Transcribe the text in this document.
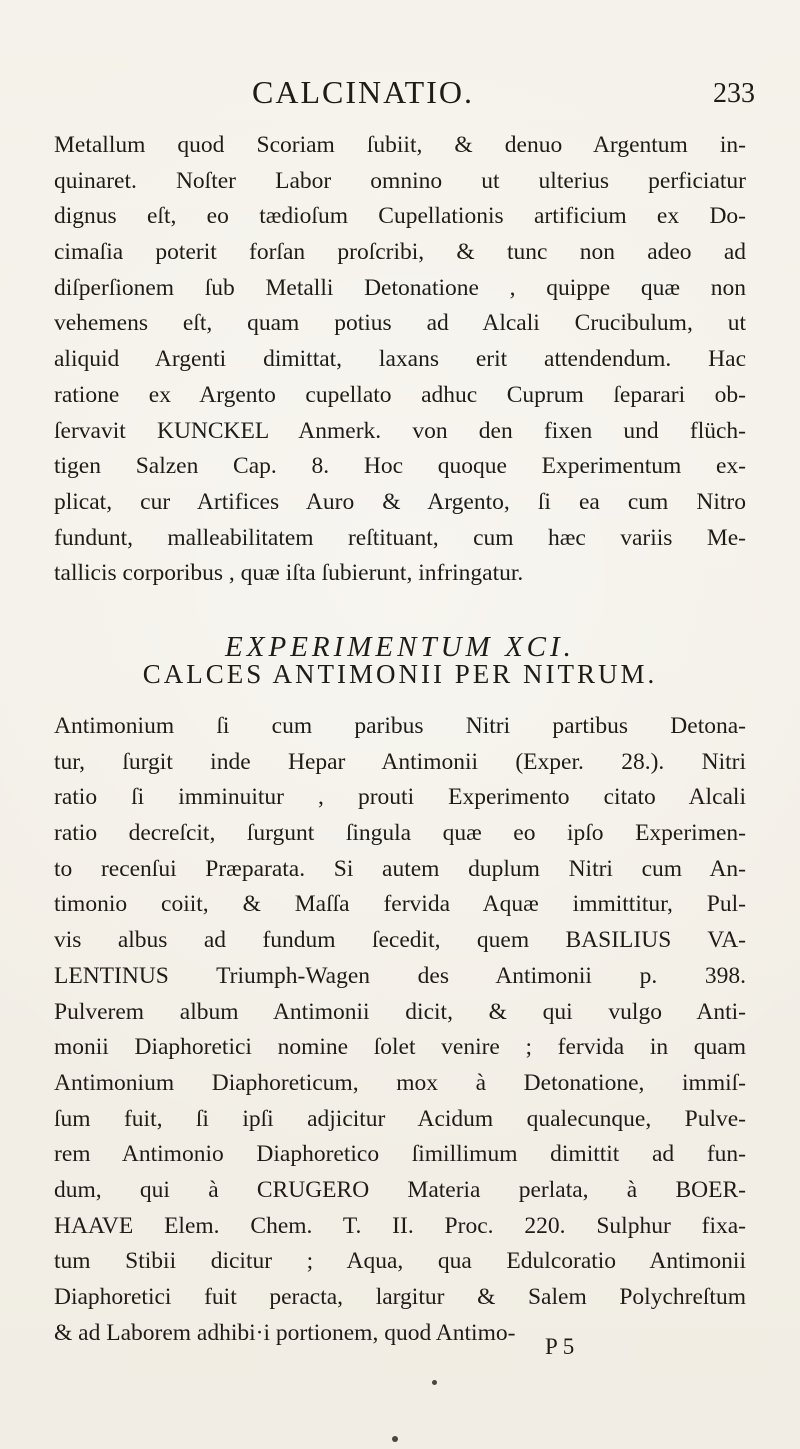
CALCINATIO.	233
Metallum quod Scoriam ſubiit, & denuo Argentum in-
quinaret. Noſter Labor omnino ut ulterius perficiatur
dignus eſt, eo tædioſum Cupellationis artificium ex Do-
cimaſia poterit forſan proſcribi, & tunc non adeo ad
diſperſionem ſub Metalli Detonatione , quippe quæ non
vehemens eſt, quam potius ad Alcali Crucibulum, ut
aliquid Argenti dimittat, laxans erit attendendum. Hac
ratione ex Argento cupellato adhuc Cuprum ſeparari ob-
ſervavit KUNCKEL Anmerk. von den fixen und flüch-
tigen Salzen Cap. 8. Hoc quoque Experimentum ex-
plicat, cur Artifices Auro & Argento, ſi ea cum Nitro
fundunt, malleabilitatem reſtituant, cum hæc variis Me-
tallicis corporibus , quæ iſta ſubierunt, infringatur.
EXPERIMENTUM XCI.
CALCES ANTIMONII PER NITRUM.
Antimonium ſi cum paribus Nitri partibus Detona-
tur, ſurgit inde Hepar Antimonii (Exper. 28.). Nitri
ratio ſi imminuitur , prouti Experimento citato Alcali
ratio decreſcit, ſurgunt ſingula quæ eo ipſo Experimen-
to recenſui Præparata. Si autem duplum Nitri cum An-
timonio coiit, & Maſſa fervida Aquæ immittitur, Pul-
vis albus ad fundum ſecedit, quem BASILIUS VA-
LENTINUS Triumph-Wagen des Antimonii p. 398.
Pulverem album Antimonii dicit, & qui vulgo Anti-
monii Diaphoretici nomine ſolet venire ; fervida in quam
Antimonium Diaphoreticum, mox à Detonatione, immiſ-
ſum fuit, ſi ipſi adjicitur Acidum qualecunque, Pulve-
rem Antimonio Diaphoretico ſimillimum dimittit ad fun-
dum, qui à CRUGERO Materia perlata, à BOER-
HAAVE Elem. Chem. T. II. Proc. 220. Sulphur fixa-
tum Stibii dicitur ; Aqua, qua Edulcoratio Antimonii
Diaphoretici fuit peracta, largitur & Salem Polychreſtum
& ad Laborem adhibi·i portionem, quod Antimo-
P 5
